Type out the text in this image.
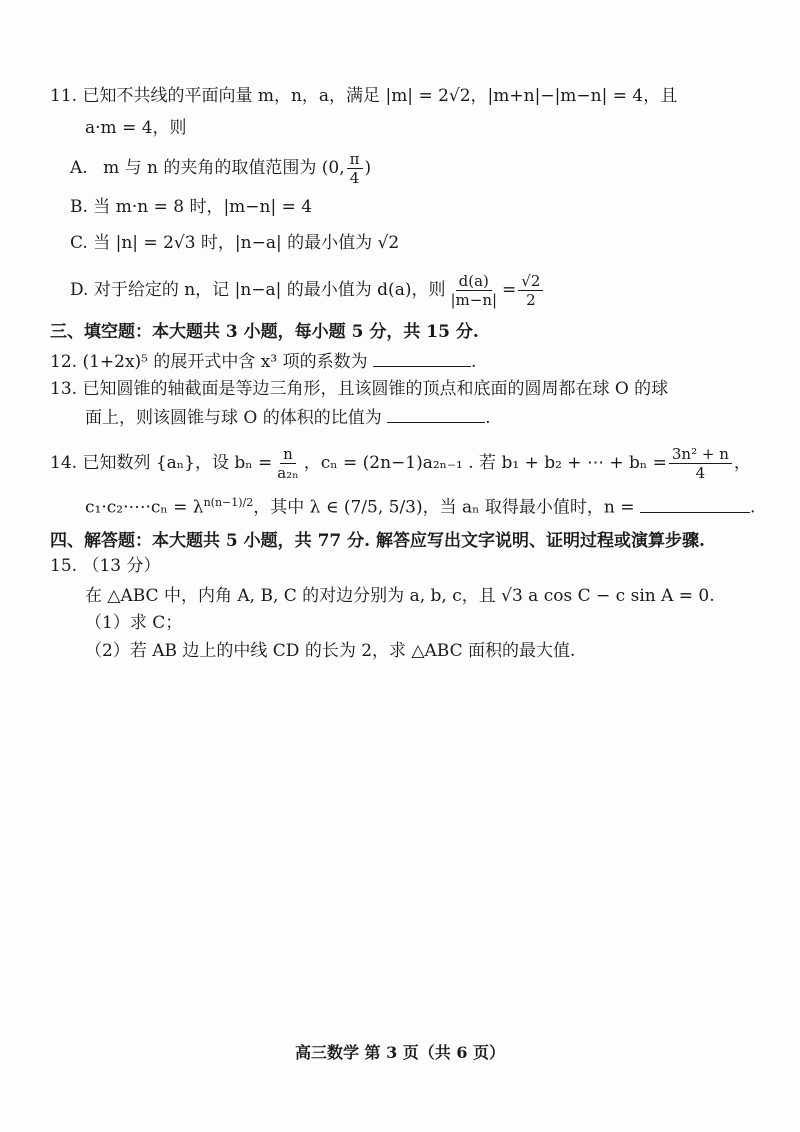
11. 已知不共线的平面向量 m，n，a，满足 |m| = 2√2，|m+n|−|m−n| = 4，且
a·m = 4，则
A. m 与 n 的夹角的取值范围为 (0, $\frac{\pi}{4}$ )
B. 当 m·n = 8 时，|m−n| = 4
C. 当 |n| = 2√3 时，|n−a| 的最小值为 √2
D. 对于给定的 n，记 |n−a| 的最小值为 d(a)，则 $\frac{d(a)}{|m-n|} = \frac{√2}{2}$
三、填空题：本大题共 3 小题，每小题 5 分，共 15 分.
12. (1+2x)⁵ 的展开式中含 x³ 项的系数为	.
13. 已知圆锥的轴截面是等边三角形，且该圆锥的顶点和底面的圆周都在球 O 的球
面上，则该圆锥与球 O 的体积的比值为	.
14. 已知数列 {aₙ}，设 $b_n = \frac{n}{\text{a₂ₙ}}$ ，cₙ = (2n−1)a₂ₙ₋₁ . 若 b₁ + b₂ + ⋯ + $b_n = \frac{\text{3n² + n}}{4}$ ，
c₁·c₂·⋯·cₙ = $\lambda^{n(n-1)/2}$，其中 λ ∈ (7/5, 5/3)，当 aₙ 取得最小值时，n =	.
四、解答题：本大题共 5 小题，共 77 分. 解答应写出文字说明、证明过程或演算步骤.
15. （13 分）
在 △ABC 中，内角 A, B, C 的对边分别为 a, b, c，且 √3 a cos C − c sin A = 0.
（1）求 C；
（2）若 AB 边上的中线 CD 的长为 2，求 △ABC 面积的最大值.
高三数学 第 3 页（共 6 页）
